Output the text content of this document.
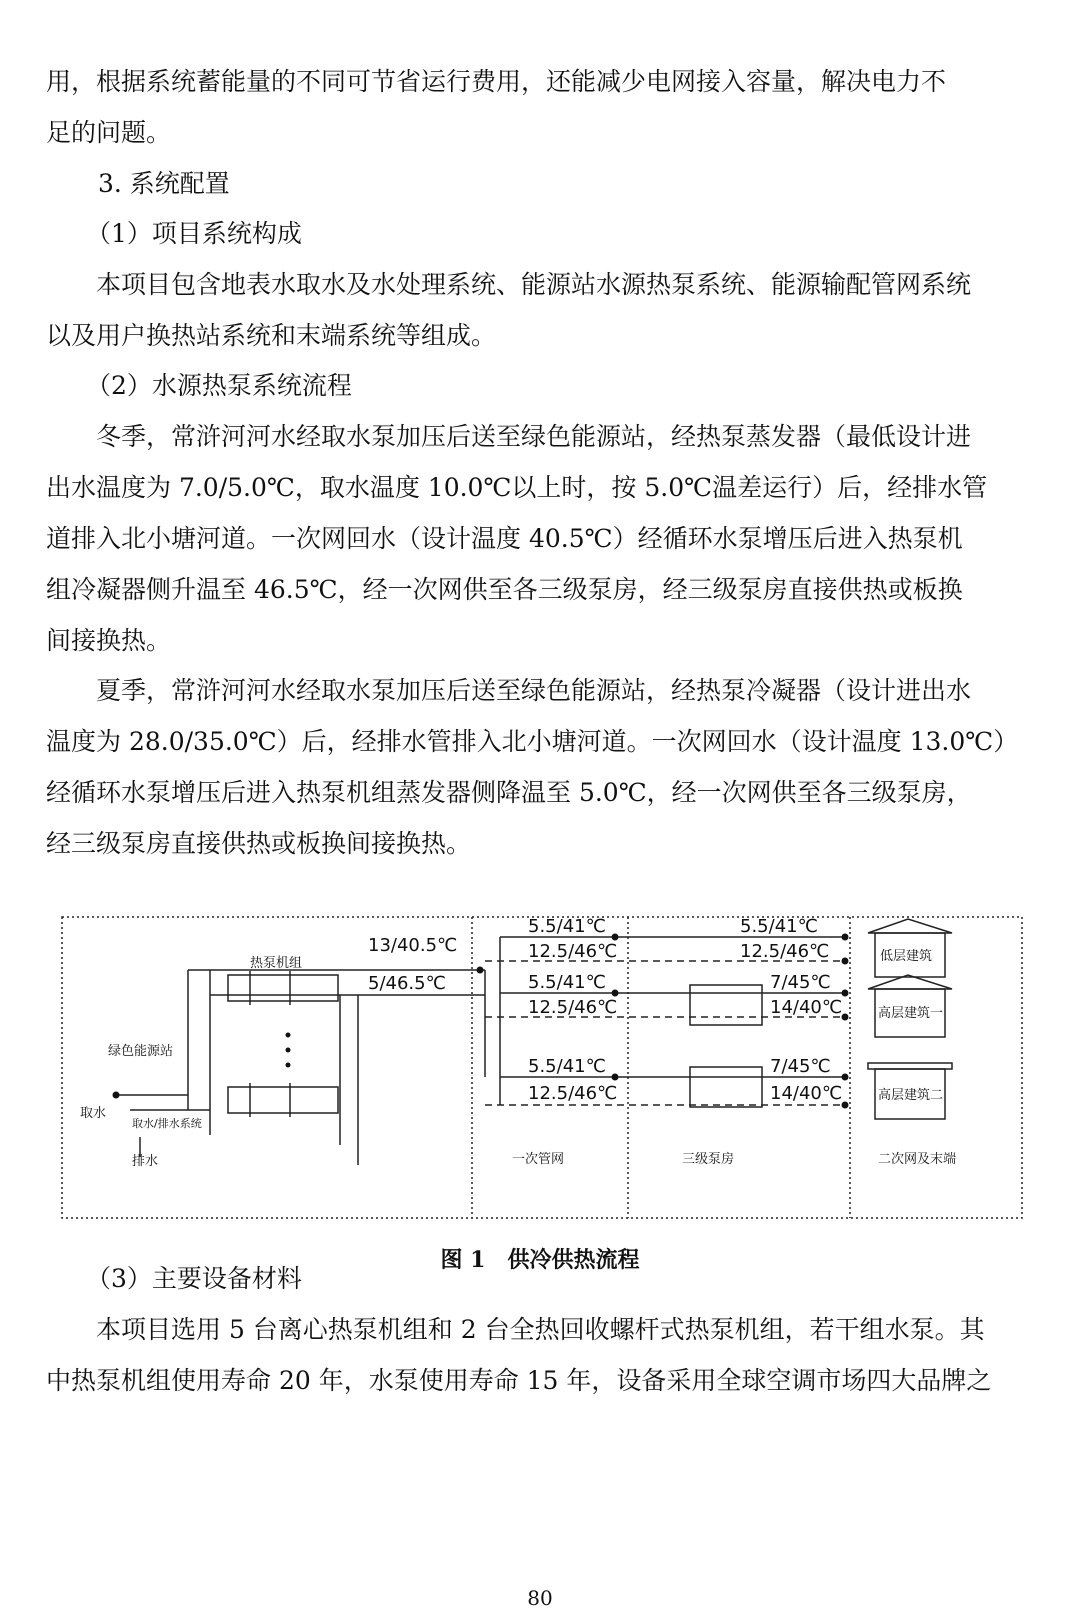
用，根据系统蓄能量的不同可节省运行费用，还能减少电网接入容量，解决电力不
足的问题。

3. 系统配置

（1）项目系统构成

本项目包含地表水取水及水处理系统、能源站水源热泵系统、能源输配管网系统
以及用户换热站系统和末端系统等组成。

（2）水源热泵系统流程

冬季，常浒河河水经取水泵加压后送至绿色能源站，经热泵蒸发器（最低设计进
出水温度为 7.0/5.0℃，取水温度 10.0℃以上时，按 5.0℃温差运行）后，经排水管
道排入北小塘河道。一次网回水（设计温度 40.5℃）经循环水泵增压后进入热泵机
组冷凝器侧升温至 46.5℃，经一次网供至各三级泵房，经三级泵房直接供热或板换
间接换热。
夏季，常浒河河水经取水泵加压后送至绿色能源站，经热泵冷凝器（设计进出水
温度为 28.0/35.0℃）后，经排水管排入北小塘河道。一次网回水（设计温度 13.0℃）
经循环水泵增压后进入热泵机组蒸发器侧降温至 5.0℃，经一次网供至各三级泵房，
经三级泵房直接供热或板换间接换热。
13/40.5℃
5/46.5℃
5.5/41℃
12.5/46℃
5.5/41℃
12.5/46℃
5.5/41℃
12.5/46℃
7/45℃
14/40℃
5.5/41℃
12.5/46℃
7/45℃
14/40℃
热泵机组
绿色能源站
取水
取水/排水系统
排水	一次管网	三级泵房	二次网及末端
低层建筑
高层建筑一
高层建筑二
图 1　供冷供热流程

（3）主要设备材料

本项目选用 5 台离心热泵机组和 2 台全热回收螺杆式热泵机组，若干组水泵。其
中热泵机组使用寿命 20 年，水泵使用寿命 15 年，设备采用全球空调市场四大品牌之
80
